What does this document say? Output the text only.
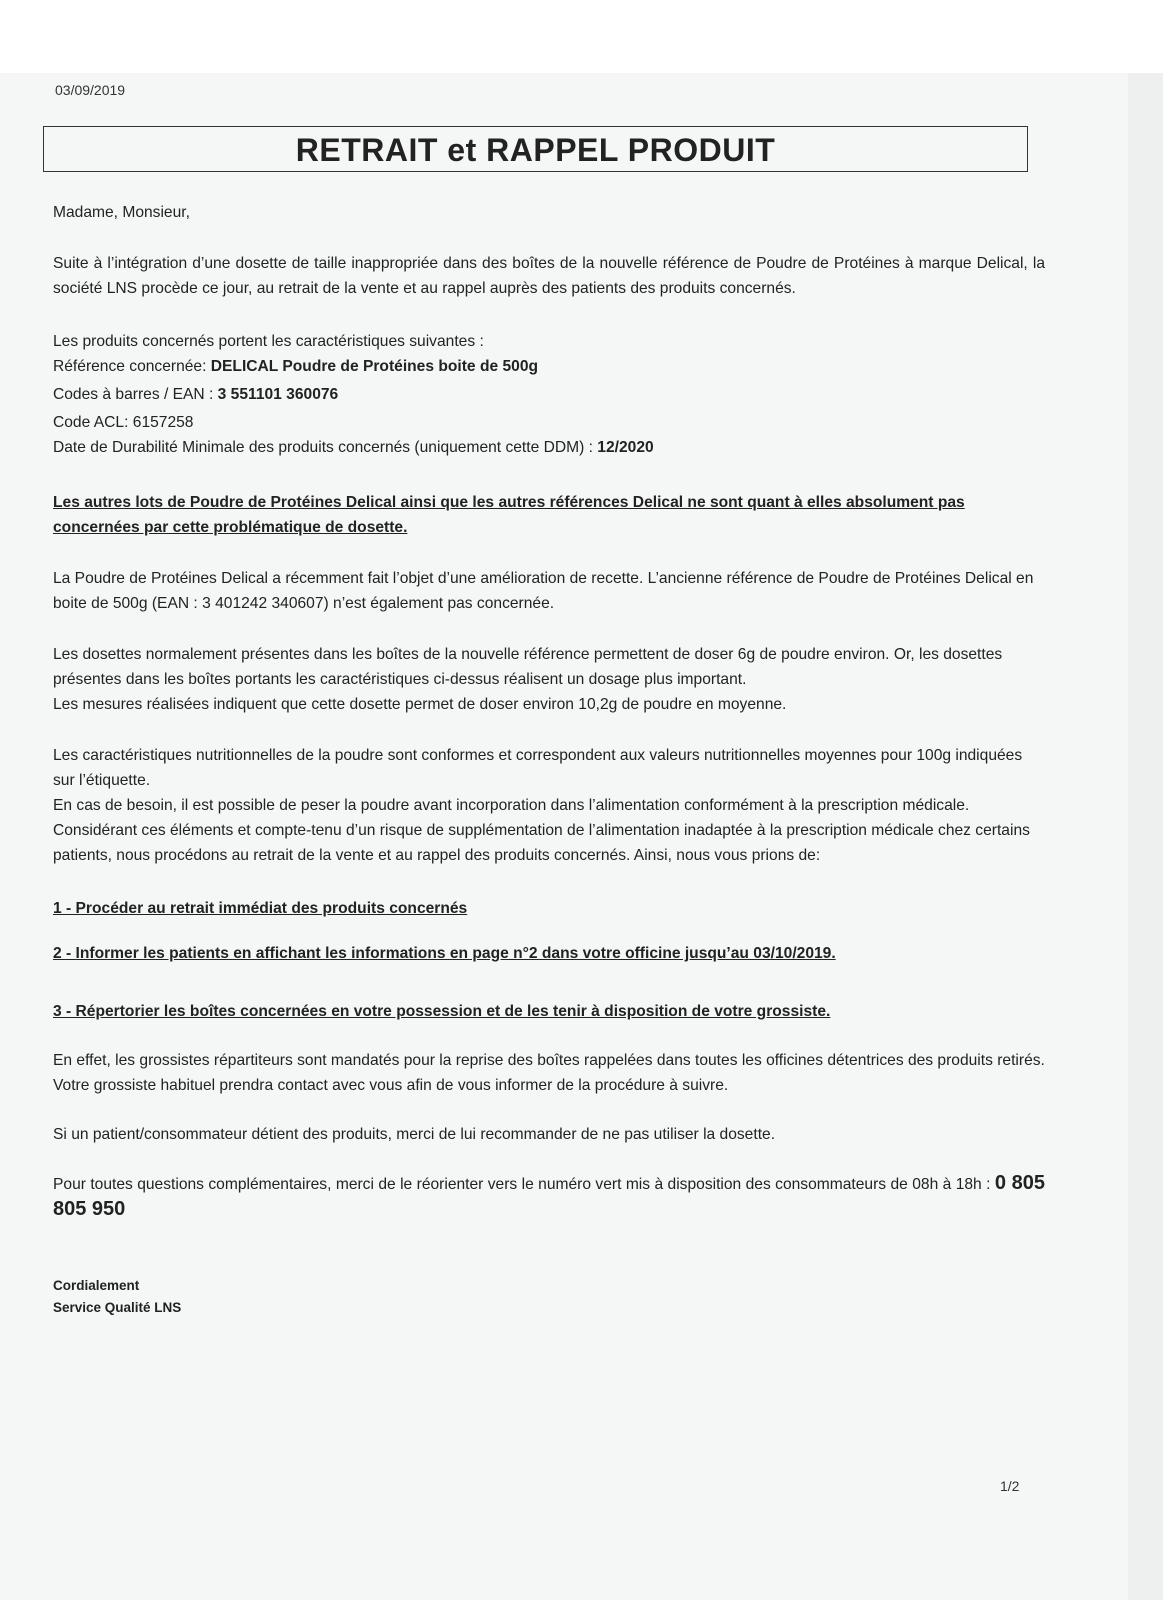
03/09/2019
RETRAIT et RAPPEL PRODUIT

Madame, Monsieur,

Suite à l’intégration d’une dosette de taille inappropriée dans des boîtes de la nouvelle référence de Poudre de Protéines à marque Delical, la société LNS procède ce jour, au retrait de la vente et au rappel auprès des patients des produits concernés.

Les produits concernés portent les caractéristiques suivantes :

Référence concernée: DELICAL Poudre de Protéines boite de 500g

Codes à barres / EAN : 3 551101 360076

Code ACL: 6157258

Date de Durabilité Minimale des produits concernés (uniquement cette DDM) : 12/2020

Les autres lots de Poudre de Protéines Delical ainsi que les autres références Delical ne sont quant à elles absolument pas concernées par cette problématique de dosette.

La Poudre de Protéines Delical a récemment fait l’objet d’une amélioration de recette. L’ancienne référence de Poudre de Protéines Delical en boite de 500g (EAN : 3 401242 340607) n’est également pas concernée.

Les dosettes normalement présentes dans les boîtes de la nouvelle référence permettent de doser 6g de poudre environ. Or, les dosettes présentes dans les boîtes portants les caractéristiques ci-dessus réalisent un dosage plus important.

Les mesures réalisées indiquent que cette dosette permet de doser environ 10,2g de poudre en moyenne.

Les caractéristiques nutritionnelles de la poudre sont conformes et correspondent aux valeurs nutritionnelles moyennes pour 100g indiquées sur l’étiquette.

En cas de besoin, il est possible de peser la poudre avant incorporation dans l’alimentation conformément à la prescription médicale.

Considérant ces éléments et compte-tenu d’un risque de supplémentation de l’alimentation inadaptée à la prescription médicale chez certains patients, nous procédons au retrait de la vente et au rappel des produits concernés. Ainsi, nous vous prions de:

1 - Procéder au retrait immédiat des produits concernés

2 - Informer les patients en affichant les informations en page n°2 dans votre officine jusqu’au 03/10/2019.

3 - Répertorier les boîtes concernées en votre possession et de les tenir à disposition de votre grossiste.

En effet, les grossistes répartiteurs sont mandatés pour la reprise des boîtes rappelées dans toutes les officines détentrices des produits retirés.

Votre grossiste habituel prendra contact avec vous afin de vous informer de la procédure à suivre.

Si un patient/consommateur détient des produits, merci de lui recommander de ne pas utiliser la dosette.

Pour toutes questions complémentaires, merci de le réorienter vers le numéro vert mis à disposition des consommateurs de 08h à 18h : 0 805 805 950

Cordialement

Service Qualité LNS

1/2
